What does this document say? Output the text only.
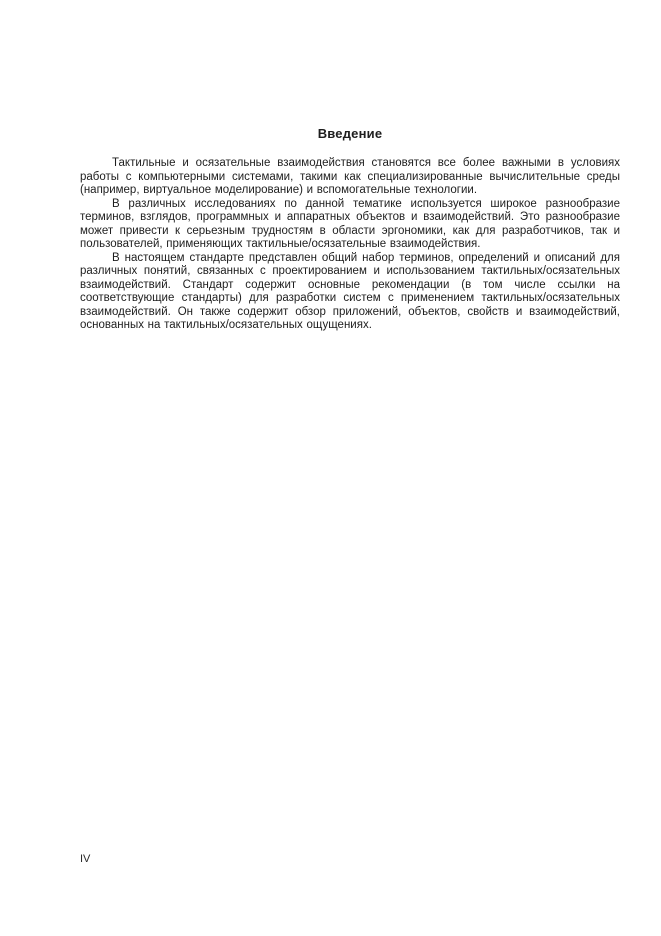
Введение

Тактильные и осязательные взаимодействия становятся все более важными в условиях работы с компьютерными системами, такими как специализированные вычислительные среды (например, виртуальное моделирование) и вспомогательные технологии.

В различных исследованиях по данной тематике используется широкое разнообразие терминов, взглядов, программных и аппаратных объектов и взаимодействий. Это разнообразие может привести к серьезным трудностям в области эргономики, как для разработчиков, так и пользователей, применяющих тактильные/осязательные взаимодействия.

В настоящем стандарте представлен общий набор терминов, определений и описаний для различных понятий, связанных с проектированием и использованием тактильных/осязательных взаимодействий. Стандарт содержит основные рекомендации (в том числе ссылки на соответствующие стандарты) для разработки систем с применением тактильных/осязательных взаимодействий. Он также содержит обзор приложений, объектов, свойств и взаимодействий, основанных на тактильных/осязательных ощущениях.

IV
